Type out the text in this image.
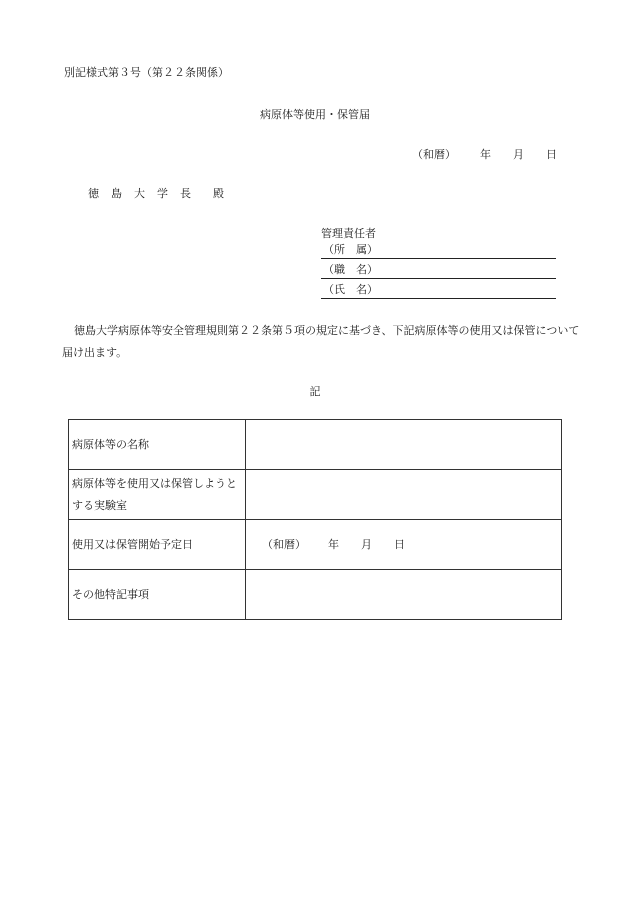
別記様式第３号（第２２条関係）
病原体等使用・保管届
（和暦） 年 月 日
徳島大学長 殿
管理責任者
（所　属）
（職　名）
（氏　名）
徳島大学病原体等安全管理規則第２２条第５項の規定に基づき、下記病原体等の使用又は保管について届け出ます。
記
病原体等の名称	
病原体等を使用又は保管しようとする実験室	
使用又は保管開始予定日	（和暦） 年 月 日
その他特記事項	
